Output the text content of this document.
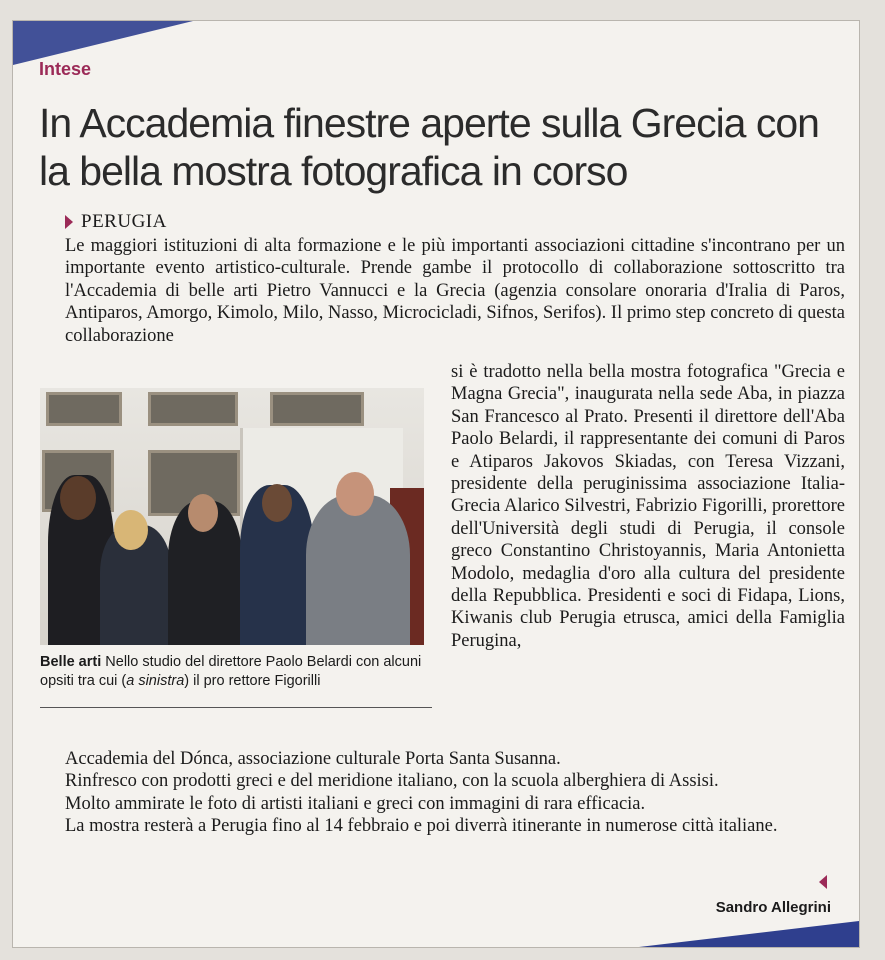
Intese
In Accademia finestre aperte sulla Grecia con la bella mostra fotografica in corso
PERUGIA

Le maggiori istituzioni di alta formazione e le più importanti associazioni cittadine s'incontrano per un importante evento artistico-culturale. Prende gambe il protocollo di collaborazione sottoscritto tra l'Accademia di belle arti Pietro Vannucci e la Grecia (agenzia consolare onoraria d'Iralia di Paros, Antiparos, Amorgo, Kimolo, Milo, Nasso, Microcicladi, Sifnos, Serifos). Il primo step concreto di questa collaborazione

Belle arti Nello studio del direttore Paolo Belardi con alcuni opsiti tra cui (a sinistra) il pro rettore Figorilli

si è tradotto nella bella mostra fotografica "Grecia e Magna Grecia", inaugurata nella sede Aba, in piazza San Francesco al Prato. Presenti il direttore dell'Aba Paolo Belardi, il rappresentante dei comuni di Paros e Atiparos Jakovos Skiadas, con Teresa Vizzani, presidente della peruginissima associazione Italia-Grecia Alarico Silvestri, Fabrizio Figorilli, prorettore dell'Università degli studi di Perugia, il console greco Constantino Christoyannis, Maria Antonietta Modolo, medaglia d'oro alla cultura del presidente della Repubblica. Presidenti e soci di Fidapa, Lions, Kiwanis club Perugia etrusca, amici della Famiglia Perugina,

Accademia del Dónca, associazione culturale Porta Santa Susanna.
Rinfresco con prodotti greci e del meridione italiano, con la scuola alberghiera di Assisi.
Molto ammirate le foto di artisti italiani e greci con immagini di rara efficacia.
La mostra resterà a Perugia fino al 14 febbraio e poi diverrà itinerante in numerose città italiane.
Sandro Allegrini
